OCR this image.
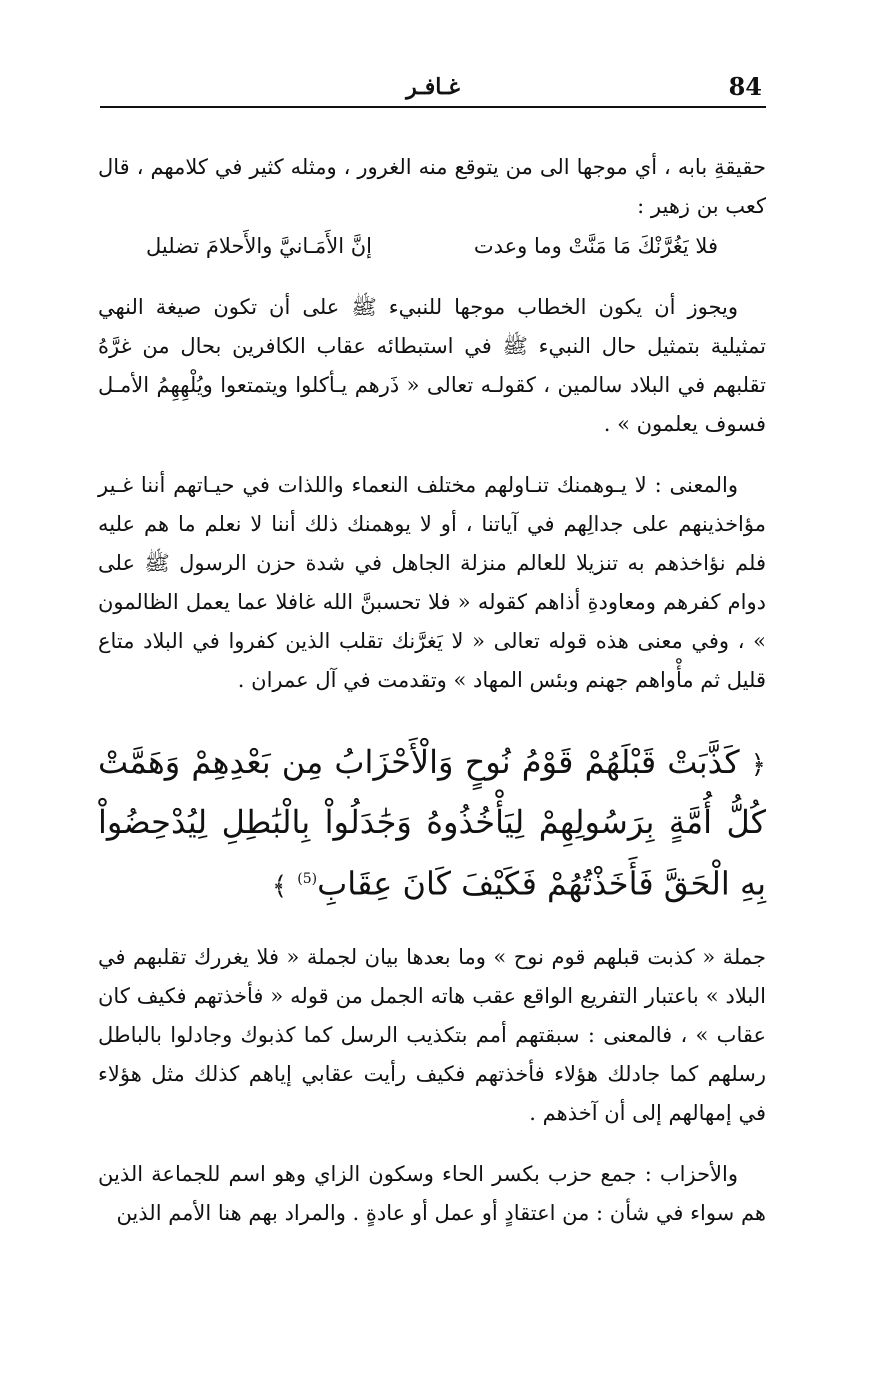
84
غـافـر

حقيقةِ بابه ، أي موجها الى من يتوقع منه الغرور ، ومثله كثير في كلامهم ، قال كعب بن زهير :

فلا يَغُرَّنْكَ مَا مَنَّتْ وما وعدت
إنَّ الأَمَـانيَّ والأَحلامَ تضليل

ويجوز أن يكون الخطاب موجها للنبيء ﷺ على أن تكون صيغة النهي تمثيلية بتمثيل حال النبيء ﷺ في استبطائه عقاب الكافرين بحال من غرَّهُ تقلبهم في البلاد سالمين ، كقولـه تعالى « ذَرهم يـأكلوا ويتمتعوا ويُلْهِهِمُ الأمـل فسوف يعلمون » .

والمعنى : لا يـوهمنك تنـاولهم مختلف النعماء واللذات في حيـاتهم أننا غـير مؤاخذينهم على جدالِهم في آياتنا ، أو لا يوهمنك ذلك أننا لا نعلم ما هم عليه فلم نؤاخذهم به تنزيلا للعالم منزلة الجاهل في شدة حزن الرسول ﷺ على دوام كفرهم ومعاودةِ أذاهم كقوله « فلا تحسبنَّ الله غافلا عما يعمل الظالمون » ، وفي معنى هذه قوله تعالى « لا يَغرَّنك تقلب الذين كفروا في البلاد متاع قليل ثم مأْواهم جهنم وبئس المهاد » وتقدمت في آل عمران .

﴿ كَذَّبَتْ قَبْلَهُمْ قَوْمُ نُوحٍ وَالْأَحْزَابُ مِن بَعْدِهِمْ وَهَمَّتْ كُلُّ أُمَّةٍ بِرَسُولِهِمْ لِيَأْخُذُوهُ وَجَٰدَلُواْ بِالْبَٰطِلِ لِيُدْحِضُواْ بِهِ الْحَقَّ فَأَخَذْتُهُمْ فَكَيْفَ كَانَ عِقَابِ$^{(5)}$ ﴾

جملة « كذبت قبلهم قوم نوح » وما بعدها بيان لجملة « فلا يغررك تقلبهم في البلاد » باعتبار التفريع الواقع عقب هاته الجمل من قوله « فأخذتهم فكيف كان عقاب » ، فالمعنى : سبقتهم أمم بتكذيب الرسل كما كذبوك وجادلوا بالباطل رسلهم كما جادلك هؤلاء فأخذتهم فكيف رأيت عقابي إياهم كذلك مثل هؤلاء في إمهالهم إلى أن آخذهم .

والأحزاب : جمع حزب بكسر الحاء وسكون الزاي وهو اسم للجماعة الذين هم سواء في شأن : من اعتقادٍ أو عمل أو عادةٍ . والمراد بهم هنا الأمم الذين
